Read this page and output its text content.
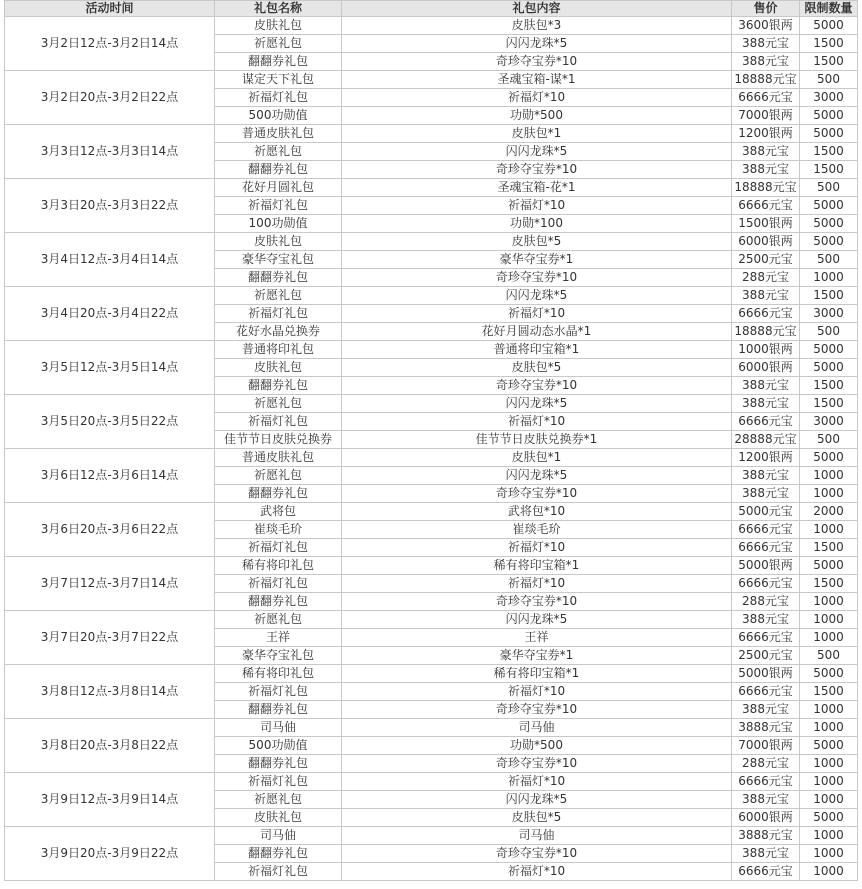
活动时间	礼包名称	礼包内容	售价	限制数量
3月2日12点-3月2日14点	皮肤礼包	皮肤包*3	3600银两	5000
	祈愿礼包	闪闪龙珠*5	388元宝	1500
	翻翻券礼包	奇珍夺宝券*10	388元宝	1500
3月2日20点-3月2日22点	谋定天下礼包	圣魂宝箱-谋*1	18888元宝	500
	祈福灯礼包	祈福灯*10	6666元宝	3000
	500功勋值	功勋*500	7000银两	5000
3月3日12点-3月3日14点	普通皮肤礼包	皮肤包*1	1200银两	5000
	祈愿礼包	闪闪龙珠*5	388元宝	1500
	翻翻券礼包	奇珍夺宝券*10	388元宝	1500
3月3日20点-3月3日22点	花好月圆礼包	圣魂宝箱-花*1	18888元宝	500
	祈福灯礼包	祈福灯*10	6666元宝	5000
	100功勋值	功勋*100	1500银两	5000
3月4日12点-3月4日14点	皮肤礼包	皮肤包*5	6000银两	5000
	豪华夺宝礼包	豪华夺宝券*1	2500元宝	500
	翻翻券礼包	奇珍夺宝券*10	288元宝	1000
3月4日20点-3月4日22点	祈愿礼包	闪闪龙珠*5	388元宝	1500
	祈福灯礼包	祈福灯*10	6666元宝	3000
	花好水晶兑换券	花好月圆动态水晶*1	18888元宝	500
3月5日12点-3月5日14点	普通将印礼包	普通将印宝箱*1	1000银两	5000
	皮肤礼包	皮肤包*5	6000银两	5000
	翻翻券礼包	奇珍夺宝券*10	388元宝	1500
3月5日20点-3月5日22点	祈愿礼包	闪闪龙珠*5	388元宝	1500
	祈福灯礼包	祈福灯*10	6666元宝	3000
	佳节节日皮肤兑换券	佳节节日皮肤兑换券*1	28888元宝	500
3月6日12点-3月6日14点	普通皮肤礼包	皮肤包*1	1200银两	5000
	祈愿礼包	闪闪龙珠*5	388元宝	1000
	翻翻券礼包	奇珍夺宝券*10	388元宝	1000
3月6日20点-3月6日22点	武将包	武将包*10	5000元宝	2000
	崔琰毛玠	崔琰毛玠	6666元宝	1000
	祈福灯礼包	祈福灯*10	6666元宝	1500
3月7日12点-3月7日14点	稀有将印礼包	稀有将印宝箱*1	5000银两	5000
	祈福灯礼包	祈福灯*10	6666元宝	1500
	翻翻券礼包	奇珍夺宝券*10	288元宝	1000
3月7日20点-3月7日22点	祈愿礼包	闪闪龙珠*5	388元宝	1000
	王祥	王祥	6666元宝	1000
	豪华夺宝礼包	豪华夺宝券*1	2500元宝	500
3月8日12点-3月8日14点	稀有将印礼包	稀有将印宝箱*1	5000银两	5000
	祈福灯礼包	祈福灯*10	6666元宝	1500
	翻翻券礼包	奇珍夺宝券*10	388元宝	1000
3月8日20点-3月8日22点	司马伷	司马伷	3888元宝	1000
	500功勋值	功勋*500	7000银两	5000
	翻翻券礼包	奇珍夺宝券*10	288元宝	1000
3月9日12点-3月9日14点	祈福灯礼包	祈福灯*10	6666元宝	1000
	祈愿礼包	闪闪龙珠*5	388元宝	1000
	皮肤礼包	皮肤包*5	6000银两	5000
3月9日20点-3月9日22点	司马伷	司马伷	3888元宝	1000
	翻翻券礼包	奇珍夺宝券*10	388元宝	1000
	祈福灯礼包	祈福灯*10	6666元宝	1000
